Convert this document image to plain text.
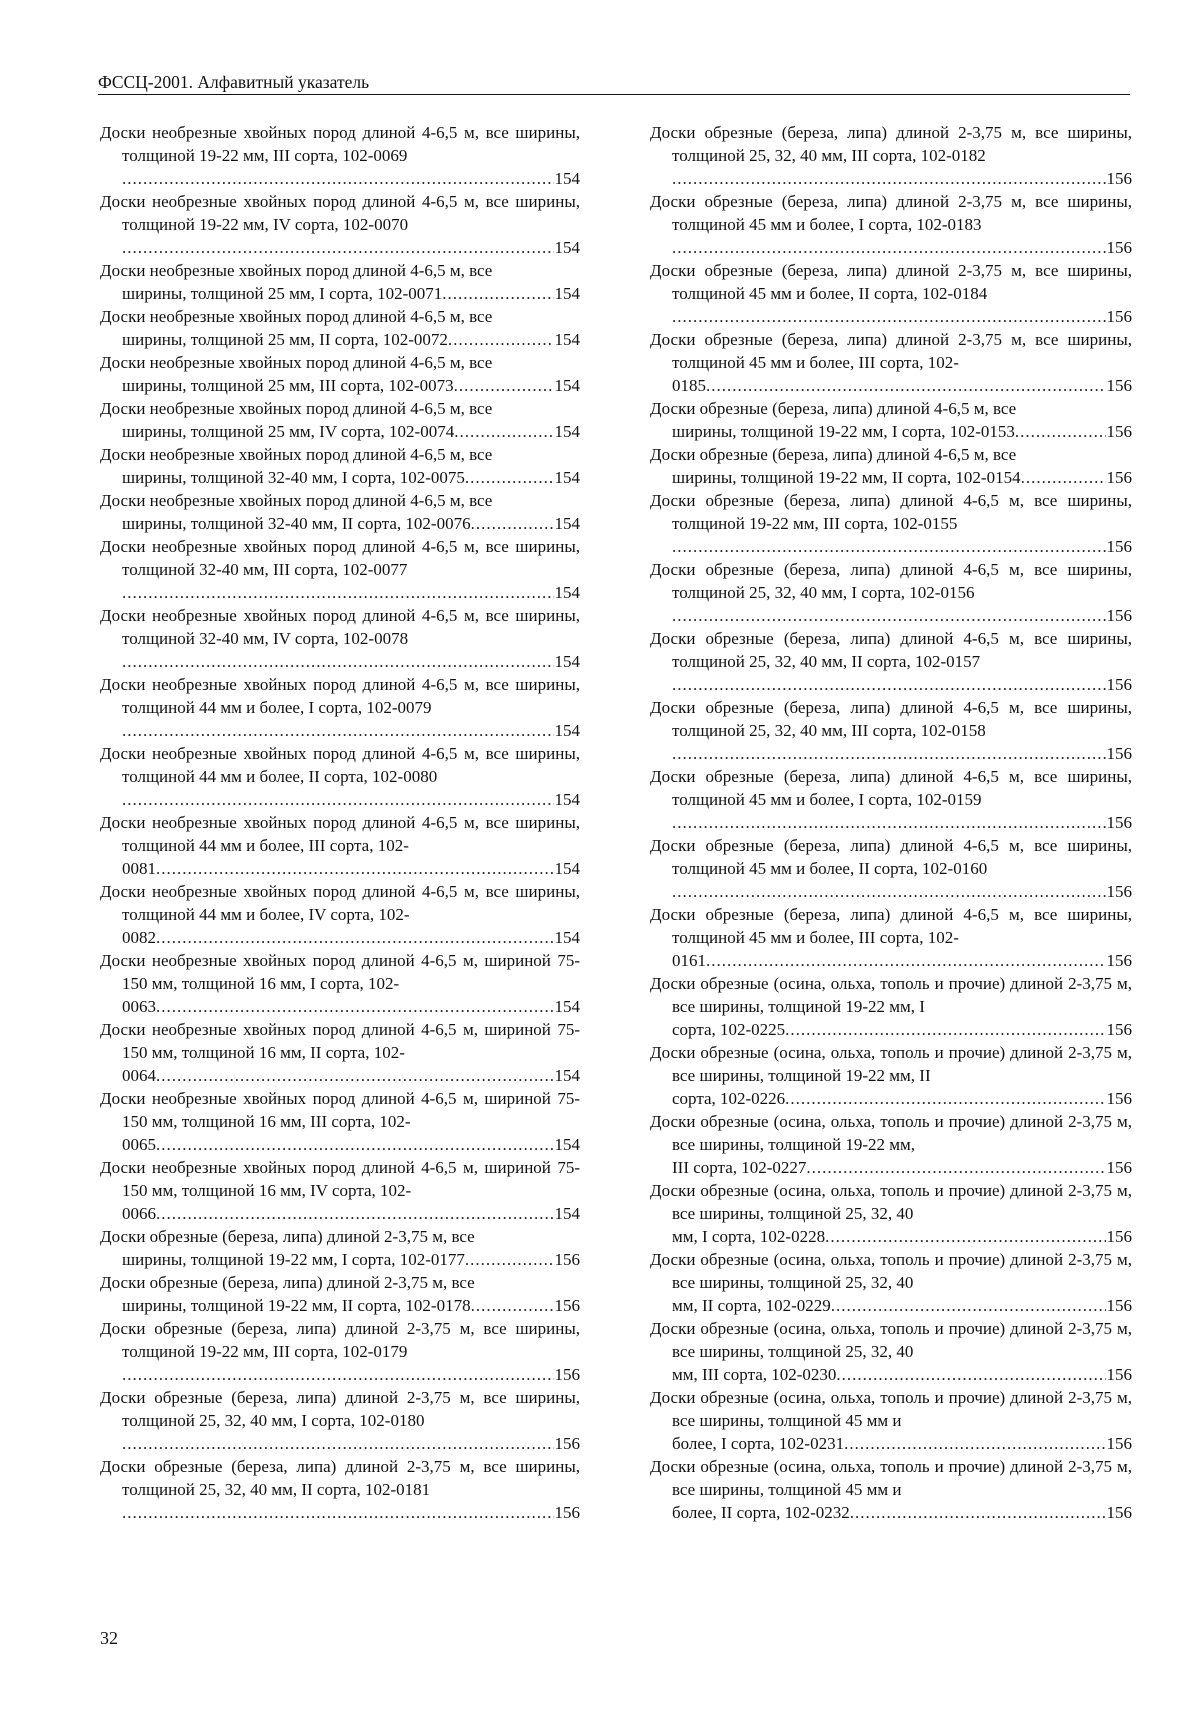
ФССЦ-2001. Алфавитный указатель
Доски необрезные хвойных пород длиной 4-6,5 м, все ширины, толщиной 19-22 мм, III сорта, 102-0069
.....
154
Доски необрезные хвойных пород длиной 4-6,5 м, все ширины, толщиной 19-22 мм, IV сорта, 102-0070
.....
154
Доски необрезные хвойных пород длиной 4-6,5 м, все
ширины, толщиной 25 мм, I сорта, 102-0071 .....	154
Доски необрезные хвойных пород длиной 4-6,5 м, все
ширины, толщиной 25 мм, II сорта, 102-0072 .....	154
Доски необрезные хвойных пород длиной 4-6,5 м, все
ширины, толщиной 25 мм, III сорта, 102-0073 .....	154
Доски необрезные хвойных пород длиной 4-6,5 м, все
ширины, толщиной 25 мм, IV сорта, 102-0074 .....	154
Доски необрезные хвойных пород длиной 4-6,5 м, все
ширины, толщиной 32-40 мм, I сорта, 102-0075 .....	154
Доски необрезные хвойных пород длиной 4-6,5 м, все
ширины, толщиной 32-40 мм, II сорта, 102-0076 .....	154
Доски необрезные хвойных пород длиной 4-6,5 м, все ширины, толщиной 32-40 мм, III сорта, 102-0077
.....
154
Доски необрезные хвойных пород длиной 4-6,5 м, все ширины, толщиной 32-40 мм, IV сорта, 102-0078
.....
154
Доски необрезные хвойных пород длиной 4-6,5 м, все ширины, толщиной 44 мм и более, I сорта, 102-0079
.....
154
Доски необрезные хвойных пород длиной 4-6,5 м, все ширины, толщиной 44 мм и более, II сорта, 102-0080
.....
154
Доски необрезные хвойных пород длиной 4-6,5 м, все ширины, толщиной 44 мм и более, III сорта, 102-
0081 .....	154
Доски необрезные хвойных пород длиной 4-6,5 м, все ширины, толщиной 44 мм и более, IV сорта, 102-
0082 .....	154
Доски необрезные хвойных пород длиной 4-6,5 м, шириной 75-150 мм, толщиной 16 мм, I сорта, 102-
0063 .....	154
Доски необрезные хвойных пород длиной 4-6,5 м, шириной 75-150 мм, толщиной 16 мм, II сорта, 102-
0064 .....	154
Доски необрезные хвойных пород длиной 4-6,5 м, шириной 75-150 мм, толщиной 16 мм, III сорта, 102-
0065 .....	154
Доски необрезные хвойных пород длиной 4-6,5 м, шириной 75-150 мм, толщиной 16 мм, IV сорта, 102-
0066 .....	154
Доски обрезные (береза, липа) длиной 2-3,75 м, все
ширины, толщиной 19-22 мм, I сорта, 102-0177 .....	156
Доски обрезные (береза, липа) длиной 2-3,75 м, все
ширины, толщиной 19-22 мм, II сорта, 102-0178 .....	156
Доски обрезные (береза, липа) длиной 2-3,75 м, все ширины, толщиной 19-22 мм, III сорта, 102-0179
.....
156
Доски обрезные (береза, липа) длиной 2-3,75 м, все ширины, толщиной 25, 32, 40 мм, I сорта, 102-0180
.....
156
Доски обрезные (береза, липа) длиной 2-3,75 м, все ширины, толщиной 25, 32, 40 мм, II сорта, 102-0181
.....
156
Доски обрезные (береза, липа) длиной 2-3,75 м, все ширины, толщиной 25, 32, 40 мм, III сорта, 102-0182
.....
156
Доски обрезные (береза, липа) длиной 2-3,75 м, все ширины, толщиной 45 мм и более, I сорта, 102-0183
.....
156
Доски обрезные (береза, липа) длиной 2-3,75 м, все ширины, толщиной 45 мм и более, II сорта, 102-0184
.....
156
Доски обрезные (береза, липа) длиной 2-3,75 м, все ширины, толщиной 45 мм и более, III сорта, 102-
0185 .....	156
Доски обрезные (береза, липа) длиной 4-6,5 м, все
ширины, толщиной 19-22 мм, I сорта, 102-0153 .....	156
Доски обрезные (береза, липа) длиной 4-6,5 м, все
ширины, толщиной 19-22 мм, II сорта, 102-0154 .....	156
Доски обрезные (береза, липа) длиной 4-6,5 м, все ширины, толщиной 19-22 мм, III сорта, 102-0155
.....
156
Доски обрезные (береза, липа) длиной 4-6,5 м, все ширины, толщиной 25, 32, 40 мм, I сорта, 102-0156
.....
156
Доски обрезные (береза, липа) длиной 4-6,5 м, все ширины, толщиной 25, 32, 40 мм, II сорта, 102-0157
.....
156
Доски обрезные (береза, липа) длиной 4-6,5 м, все ширины, толщиной 25, 32, 40 мм, III сорта, 102-0158
.....
156
Доски обрезные (береза, липа) длиной 4-6,5 м, все ширины, толщиной 45 мм и более, I сорта, 102-0159
.....
156
Доски обрезные (береза, липа) длиной 4-6,5 м, все ширины, толщиной 45 мм и более, II сорта, 102-0160
.....
156
Доски обрезные (береза, липа) длиной 4-6,5 м, все ширины, толщиной 45 мм и более, III сорта, 102-
0161 .....	156
Доски обрезные (осина, ольха, тополь и прочие) длиной 2-3,75 м, все ширины, толщиной 19-22 мм, I
сорта, 102-0225 .....	156
Доски обрезные (осина, ольха, тополь и прочие) длиной 2-3,75 м, все ширины, толщиной 19-22 мм, II
сорта, 102-0226 .....	156
Доски обрезные (осина, ольха, тополь и прочие) длиной 2-3,75 м, все ширины, толщиной 19-22 мм,
III сорта, 102-0227 .....	156
Доски обрезные (осина, ольха, тополь и прочие) длиной 2-3,75 м, все ширины, толщиной 25, 32, 40
мм, I сорта, 102-0228 .....	156
Доски обрезные (осина, ольха, тополь и прочие) длиной 2-3,75 м, все ширины, толщиной 25, 32, 40
мм, II сорта, 102-0229 .....	156
Доски обрезные (осина, ольха, тополь и прочие) длиной 2-3,75 м, все ширины, толщиной 25, 32, 40
мм, III сорта, 102-0230 .....	156
Доски обрезные (осина, ольха, тополь и прочие) длиной 2-3,75 м, все ширины, толщиной 45 мм и
более, I сорта, 102-0231 .....	156
Доски обрезные (осина, ольха, тополь и прочие) длиной 2-3,75 м, все ширины, толщиной 45 мм и
более, II сорта, 102-0232 .....	156
32
